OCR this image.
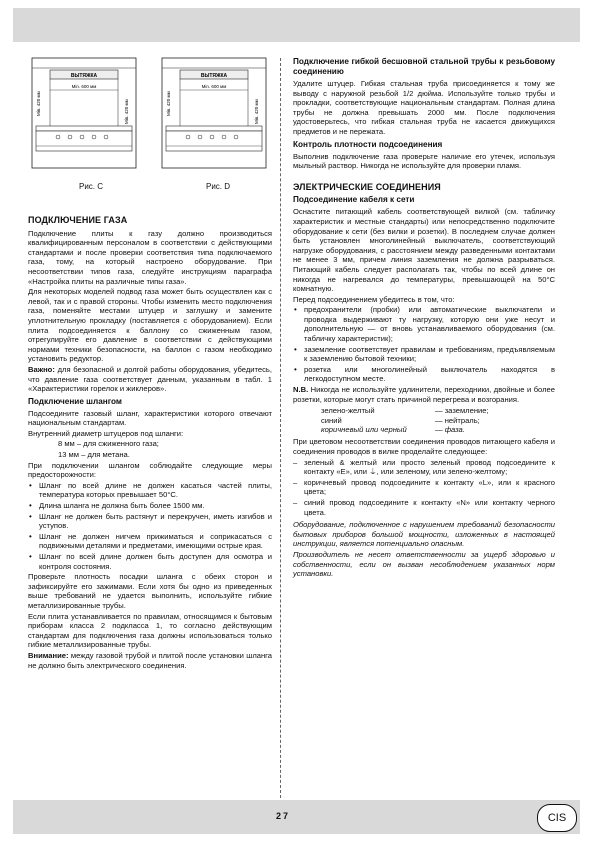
ВЫТЯЖКА
Мin. 600 мм
Мin. 420 мм	Мin. 420 мм
Рис. C
ВЫТЯЖКА
Мin. 600 мм
Мin. 420 мм	Мin. 420 мм
Рис. D
ПОДКЛЮЧЕНИЕ ГАЗА

Подключение плиты к газу должно производиться квалифицированным персоналом в соответствии с действующими стандартами и после проверки соответствия типа подключаемого газа, тому, на который настроено оборудование. При несоответствии типов газа, следуйте инструкциям параграфа «Настройка плиты на различные типы газа».

Для некоторых моделей подвод газа может быть осуществлен как с левой, так и с правой стороны. Чтобы изменить место подключения газа, поменяйте местами штуцер и заглушку и замените уплотнительную прокладку (поставляется с оборудованием). Если плита подсоединяется к баллону со сжиженным газом, отрегулируйте его давление в соответствии с действующими нормами техники безопасности, на баллон с газом необходимо установить редуктор.

Важно: для безопасной и долгой работы оборудования, убедитесь, что давление газа соответствует данным, указанным в табл. 1 «Характеристики горелок и жиклеров».

Подключение шлангом

Подсоедините газовый шланг, характеристики которого отвечают национальным стандартам.

Внутренний диаметр штуцеров под шланги:

8 мм – для сжиженного газа;

13 мм – для метана.

При подключении шлангом соблюдайте следующие меры предосторожности:

• Шланг по всей длине не должен касаться частей плиты, температура которых превышает 50°С.

• Длина шланга не должна быть более 1500 мм.

• Шланг не должен быть растянут и перекручен, иметь изгибов и уступов.

• Шланг не должен нигчем прижиматься и соприкасаться с подвижными деталями и предметами, имеющими острые края.

• Шланг по всей длине должен быть доступен для осмотра и контроля состояния.

Проверьте плотность посадки шланга с обеих сторон и зафиксируйте его зажимами. Если хотя бы одно из приведенных выше требований не удается выполнить, используйте гибкие металлизированные трубы.

Если плита устанавливается по правилам, относящимся к бытовым приборам класса 2 подкласса 1, то согласно действующим стандартам для подключения газа должны использоваться только гибкие металлизированные трубы.

Внимание: между газовой трубой и плитой после установки шланга не должно быть электрического соединения.

Подключение гибкой бесшовной стальной трубы к резьбовому соединению

Удалите штуцер. Гибкая стальная труба присоединяется к тому же выводу с наружной резьбой 1/2 дюйма. Используйте только трубы и прокладки, соответствующие национальным стандартам. Полная длина трубы не должна превышать 2000 мм. После подключения удостоверьтесь, что гибкая стальная труба не касается движущихся предметов и не пережата.

Контроль плотности подсоединения

Выполнив подключение газа проверьте наличие его утечек, используя мыльный раствор. Никогда не используйте для проверки пламя.

ЭЛЕКТРИЧЕСКИЕ СОЕДИНЕНИЯ
Подсоединение кабеля к сети

Оснастите питающий кабель соответствующей вилкой (см. табличку характеристик и местные стандарты) или непосредственно подключите оборудование к сети (без вилки и розетки). В последнем случае должен быть установлен многолинейный выключатель, соответствующий нагрузке оборудования, с расстоянием между разведенными контактами не менее 3 мм, причем линия заземления не должна разрываться. Питающий кабель следует располагать так, чтобы по всей длине он никогда не нагревался до температуры, превышающей на 50°С комнатную.

Перед подсоединением убедитесь в том, что:

• предохранители (пробки) или автоматические выключатели и проводка выдерживают ту нагрузку, которую они уже несут и дополнительную — от вновь устанавливаемого оборудования (см. табличку характеристик);

• заземление соответствует правилам и требованиям, предъявляемым к заземлению бытовой техники;

• розетка или многолинейный выключатель находятся в легкодоступном месте.

N.B. Никогда не используйте удлинители, переходники, двойные и более розетки, которые могут стать причиной перегрева и возгорания.

зелено-желтый	— заземление;
синий	— нейтраль;
коричневый или черный	— фаза.

При цветовом несоответствии соединения проводов питающего кабеля и соединения проводов в вилке проделайте следующее:

– зеленый & желтый или просто зеленый провод подсоедините к контакту «E», или ⏚, или зеленому, или зелено-желтому;

– коричневый провод подсоедините к контакту «L», или к красного цвета;

– синий провод подсоедините к контакту «N» или контакту черного цвета.

Оборудование, подключенное с нарушением требований безопасности бытовых приборов большой мощности, изложенных в настоящей инструкции, является потенциально опасным.

Производитель не несет ответственности за ущерб здоровью и собственности, если он вызван несоблюдением указанных норм установки.

27	CIS
